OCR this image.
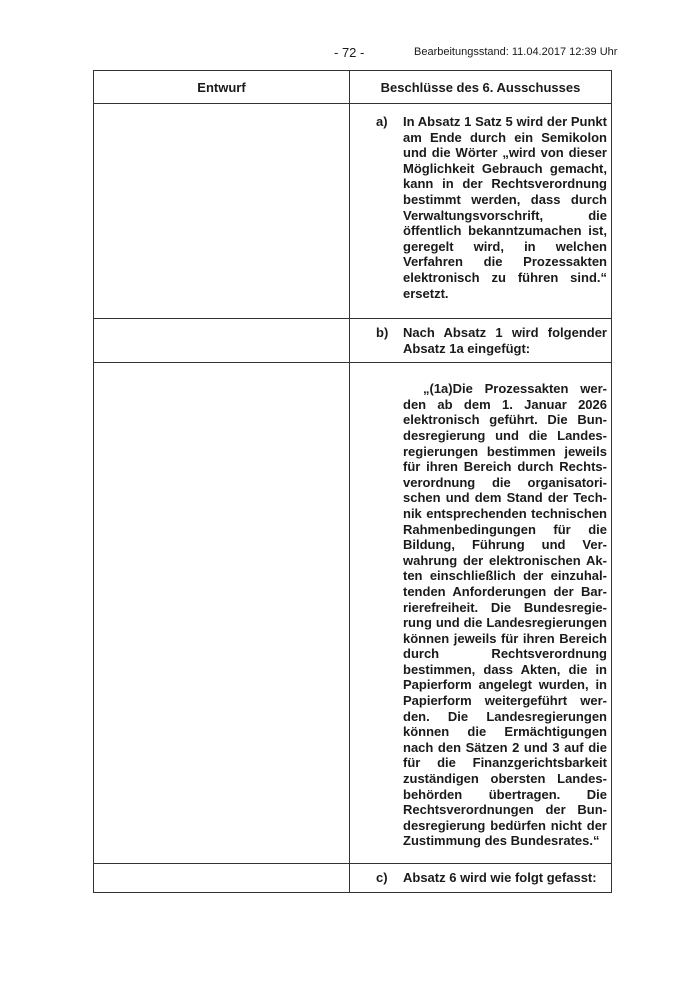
- 72 -	Bearbeitungsstand: 11.04.2017 12:39 Uhr
Entwurf	Beschlüsse des 6. Ausschusses

	a) In Absatz 1 Satz 5 wird der Punkt am Ende durch ein Semikolon und die Wörter „wird von dieser Möglichkeit Gebrauch gemacht, kann in der Rechtsverordnung bestimmt werden, dass durch Verwaltungsvorschrift, die öffentlich bekanntzumachen ist, geregelt wird, in welchen Verfahren die Prozessakten elektronisch zu führen sind.“ ersetzt.

	b) Nach Absatz 1 wird folgender Absatz 1a eingefügt:

	„(1a)Die Prozessakten werden ab dem 1. Januar 2026 elektronisch geführt. Die Bundesregierung und die Landesregierungen bestimmen jeweils für ihren Bereich durch Rechtsverordnung die organisatorischen und dem Stand der Technik entsprechenden technischen Rahmenbedingungen für die Bildung, Führung und Verwahrung der elektronischen Akten einschließlich der einzuhaltenden Anforderungen der Barrierefreiheit. Die Bundesregierung und die Landesregierungen können jeweils für ihren Bereich durch Rechtsverordnung bestimmen, dass Akten, die in Papierform angelegt wurden, in Papierform weitergeführt werden. Die Landesregierungen können die Ermächtigungen nach den Sätzen 2 und 3 auf die für die Finanzgerichtsbarkeit zuständigen obersten Landesbehörden übertragen. Die Rechtsverordnungen der Bundesregierung bedürfen nicht der Zustimmung des Bundesrates.“

	c) Absatz 6 wird wie folgt gefasst:
